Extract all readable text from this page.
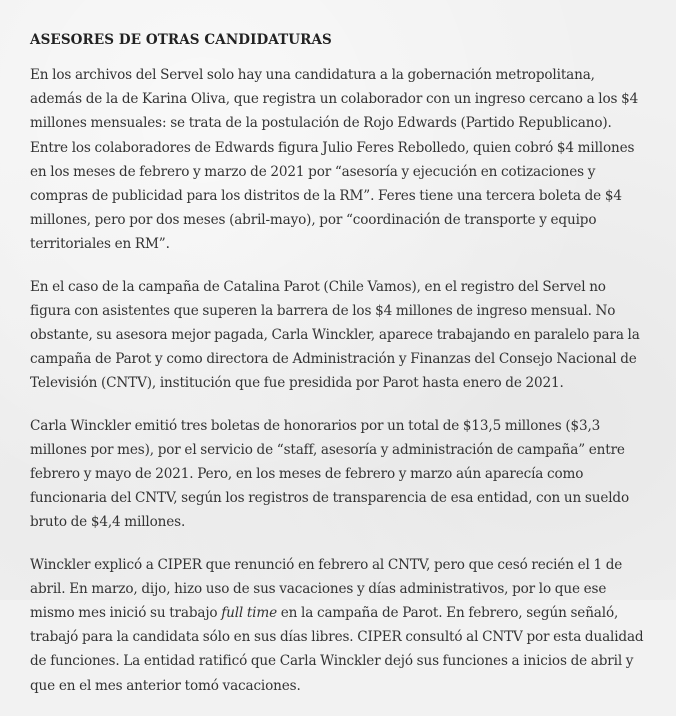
ASESORES DE OTRAS CANDIDATURAS

En los archivos del Servel solo hay una candidatura a la gobernación metropolitana, además de la de Karina Oliva, que registra un colaborador con un ingreso cercano a los $4 millones mensuales: se trata de la postulación de Rojo Edwards (Partido Republicano). Entre los colaboradores de Edwards figura Julio Feres Rebolledo, quien cobró $4 millones en los meses de febrero y marzo de 2021 por “asesoría y ejecución en cotizaciones y compras de publicidad para los distritos de la RM”. Feres tiene una tercera boleta de $4 millones, pero por dos meses (abril-mayo), por “coordinación de transporte y equipo territoriales en RM”.

En el caso de la campaña de Catalina Parot (Chile Vamos), en el registro del Servel no figura con asistentes que superen la barrera de los $4 millones de ingreso mensual. No obstante, su asesora mejor pagada, Carla Winckler, aparece trabajando en paralelo para la campaña de Parot y como directora de Administración y Finanzas del Consejo Nacional de Televisión (CNTV), institución que fue presidida por Parot hasta enero de 2021.

Carla Winckler emitió tres boletas de honorarios por un total de $13,5 millones ($3,3 millones por mes), por el servicio de “staff, asesoría y administración de campaña” entre febrero y mayo de 2021. Pero, en los meses de febrero y marzo aún aparecía como funcionaria del CNTV, según los registros de transparencia de esa entidad, con un sueldo bruto de $4,4 millones.

Winckler explicó a CIPER que renunció en febrero al CNTV, pero que cesó recién el 1 de abril. En marzo, dijo, hizo uso de sus vacaciones y días administrativos, por lo que ese mismo mes inició su trabajo full time en la campaña de Parot. En febrero, según señaló, trabajó para la candidata sólo en sus días libres. CIPER consultó al CNTV por esta dualidad de funciones. La entidad ratificó que Carla Winckler dejó sus funciones a inicios de abril y que en el mes anterior tomó vacaciones.
